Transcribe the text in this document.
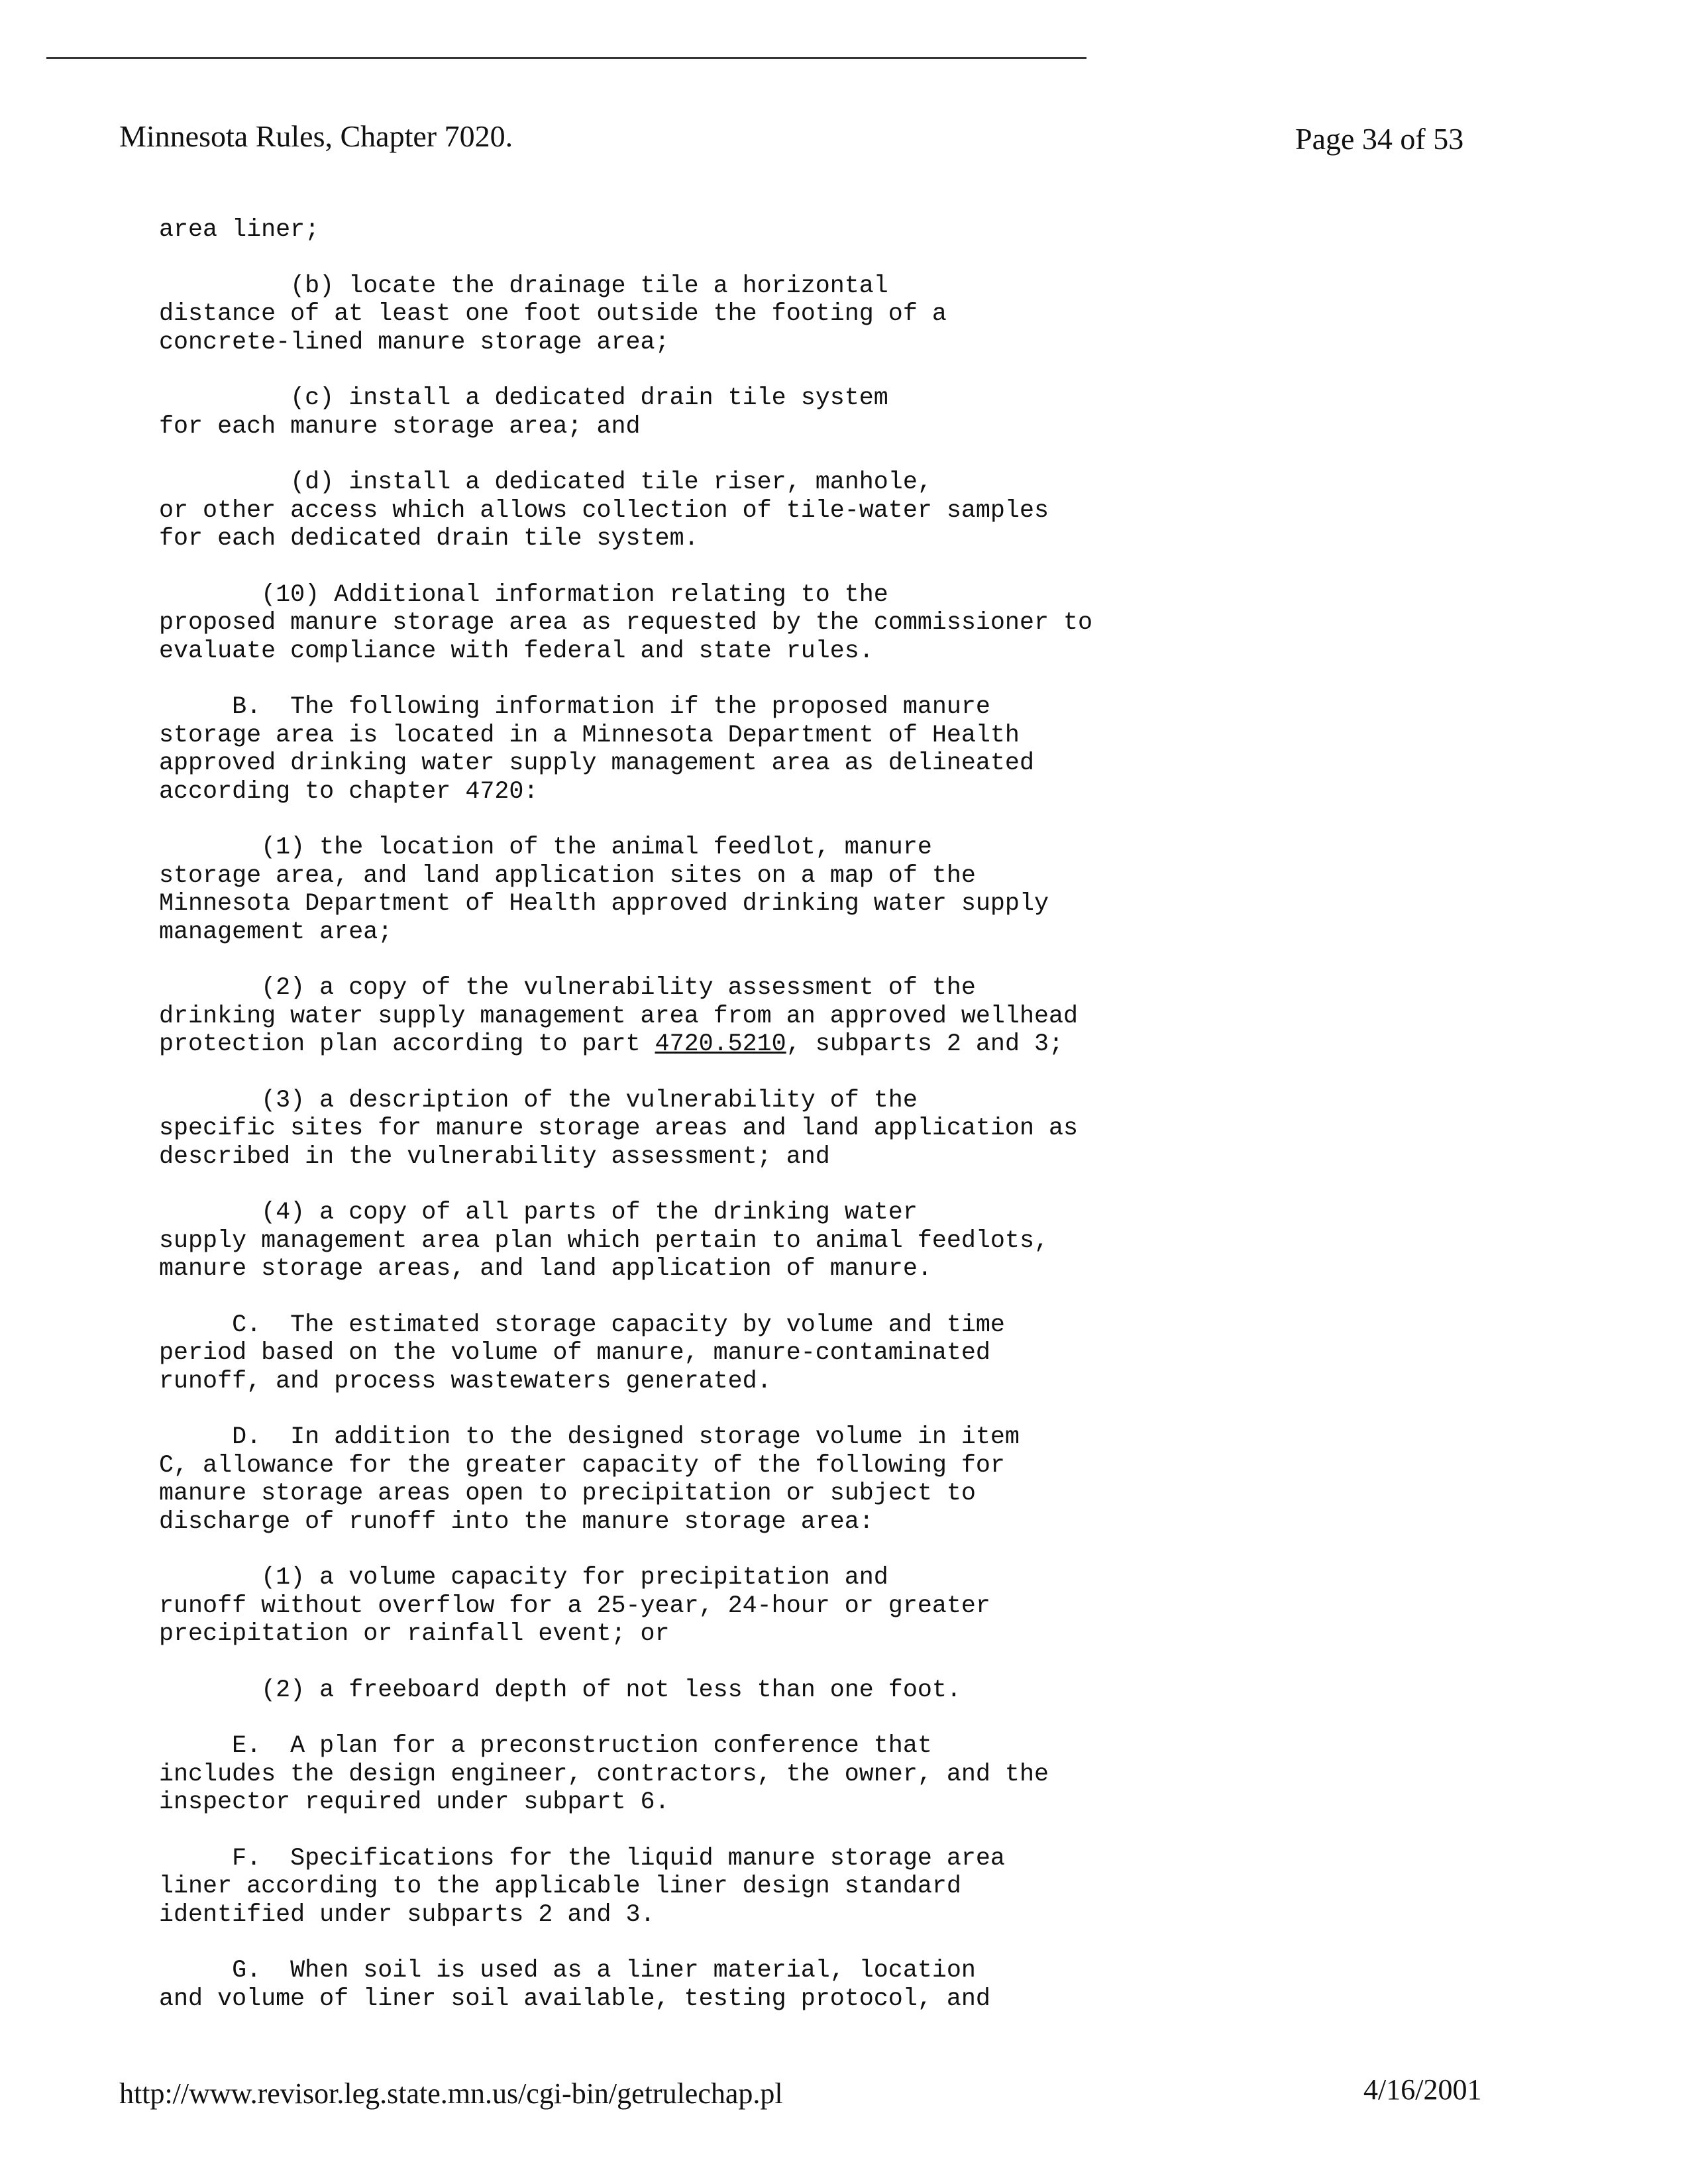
Minnesota Rules, Chapter 7020.	Page 34 of 53

area liner;

(b) locate the drainage tile a horizontal
distance of at least one foot outside the footing of a
concrete-lined manure storage area;

(c) install a dedicated drain tile system
for each manure storage area; and

(d) install a dedicated tile riser, manhole,
or other access which allows collection of tile-water samples
for each dedicated drain tile system.

(10) Additional information relating to the
proposed manure storage area as requested by the commissioner to
evaluate compliance with federal and state rules.

B.  The following information if the proposed manure
storage area is located in a Minnesota Department of Health
approved drinking water supply management area as delineated
according to chapter 4720:

(1) the location of the animal feedlot, manure
storage area, and land application sites on a map of the
Minnesota Department of Health approved drinking water supply
management area;

(2) a copy of the vulnerability assessment of the
drinking water supply management area from an approved wellhead
protection plan according to part 4720.5210, subparts 2 and 3;

(3) a description of the vulnerability of the
specific sites for manure storage areas and land application as
described in the vulnerability assessment; and

(4) a copy of all parts of the drinking water
supply management area plan which pertain to animal feedlots,
manure storage areas, and land application of manure.

C.  The estimated storage capacity by volume and time
period based on the volume of manure, manure-contaminated
runoff, and process wastewaters generated.

D.  In addition to the designed storage volume in item
C, allowance for the greater capacity of the following for
manure storage areas open to precipitation or subject to
discharge of runoff into the manure storage area:

(1) a volume capacity for precipitation and
runoff without overflow for a 25-year, 24-hour or greater
precipitation or rainfall event; or

(2) a freeboard depth of not less than one foot.

E.  A plan for a preconstruction conference that
includes the design engineer, contractors, the owner, and the
inspector required under subpart 6.

F.  Specifications for the liquid manure storage area
liner according to the applicable liner design standard
identified under subparts 2 and 3.

G.  When soil is used as a liner material, location
and volume of liner soil available, testing protocol, and

http://www.revisor.leg.state.mn.us/cgi-bin/getrulechap.pl	4/16/2001
